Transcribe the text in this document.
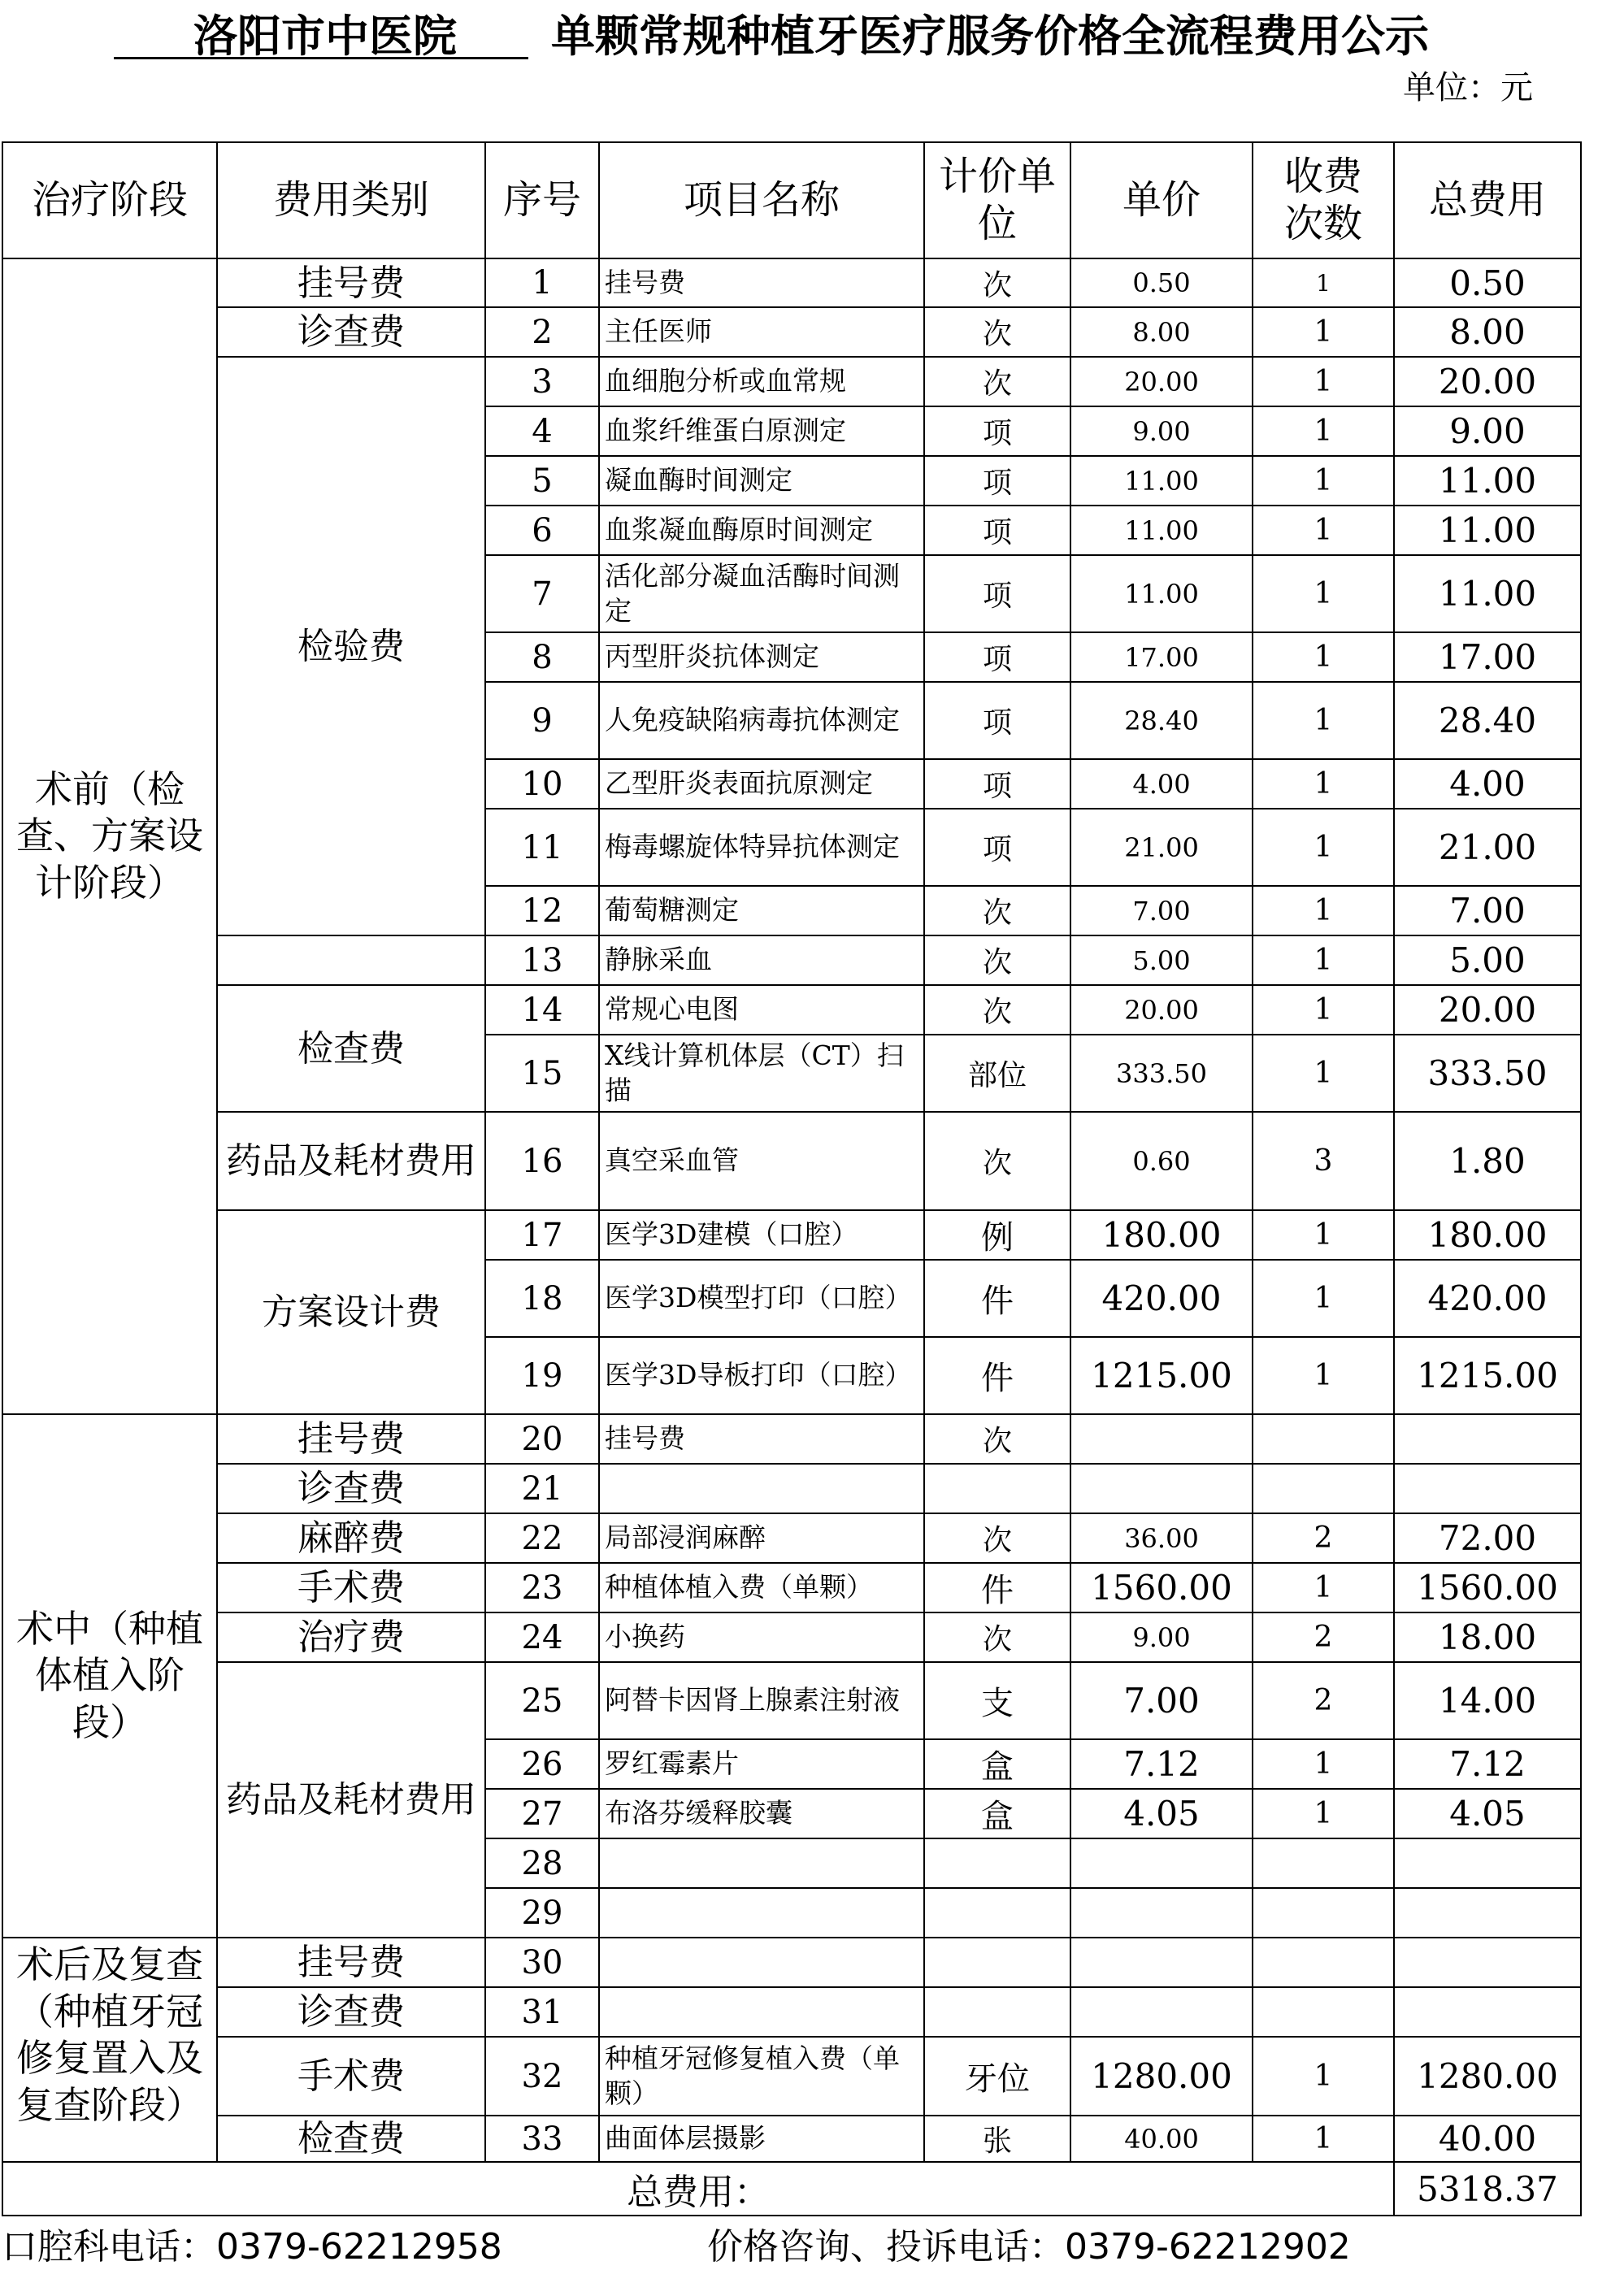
洛阳市中医院	单颗常规种植牙医疗服务价格全流程费用公示
单位：元
治疗阶段	费用类别	序号	项目名称	计价单位	单价	收费次数	总费用
术前（检查、方案设计阶段）	挂号费	1	挂号费	次	0.50	1	0.50
	诊查费	2	主任医师	次	8.00	1	8.00
	检验费	3	血细胞分析或血常规	次	20.00	1	20.00
		4	血浆纤维蛋白原测定	项	9.00	1	9.00
		5	凝血酶时间测定	项	11.00	1	11.00
		6	血浆凝血酶原时间测定	项	11.00	1	11.00
		7	活化部分凝血活酶时间测定	项	11.00	1	11.00
		8	丙型肝炎抗体测定	项	17.00	1	17.00
		9	人免疫缺陷病毒抗体测定	项	28.40	1	28.40
		10	乙型肝炎表面抗原测定	项	4.00	1	4.00
		11	梅毒螺旋体特异抗体测定	项	21.00	1	21.00
		12	葡萄糖测定	次	7.00	1	7.00
		13	静脉采血	次	5.00	1	5.00
	检查费	14	常规心电图	次	20.00	1	20.00
		15	X线计算机体层（CT）扫描	部位	333.50	1	333.50
	药品及耗材费用	16	真空采血管	次	0.60	3	1.80
	方案设计费	17	医学3D建模（口腔）	例	180.00	1	180.00
		18	医学3D模型打印（口腔）	件	420.00	1	420.00
		19	医学3D导板打印（口腔）	件	1215.00	1	1215.00
术中（种植体植入阶段）	挂号费	20	挂号费	次			
	诊查费	21					
	麻醉费	22	局部浸润麻醉	次	36.00	2	72.00
	手术费	23	种植体植入费（单颗）	件	1560.00	1	1560.00
	治疗费	24	小换药	次	9.00	2	18.00
	药品及耗材费用	25	阿替卡因肾上腺素注射液	支	7.00	2	14.00
		26	罗红霉素片	盒	7.12	1	7.12
		27	布洛芬缓释胶囊	盒	4.05	1	4.05
		28					
		29					
术后及复查（种植牙冠修复置入及复查阶段）	挂号费	30					
	诊查费	31					
	手术费	32	种植牙冠修复植入费（单颗）	牙位	1280.00	1	1280.00
	检查费	33	曲面体层摄影	张	40.00	1	40.00
总费用：							5318.37
口腔科电话：0379-62212958	价格咨询、投诉电话：0379-62212902
